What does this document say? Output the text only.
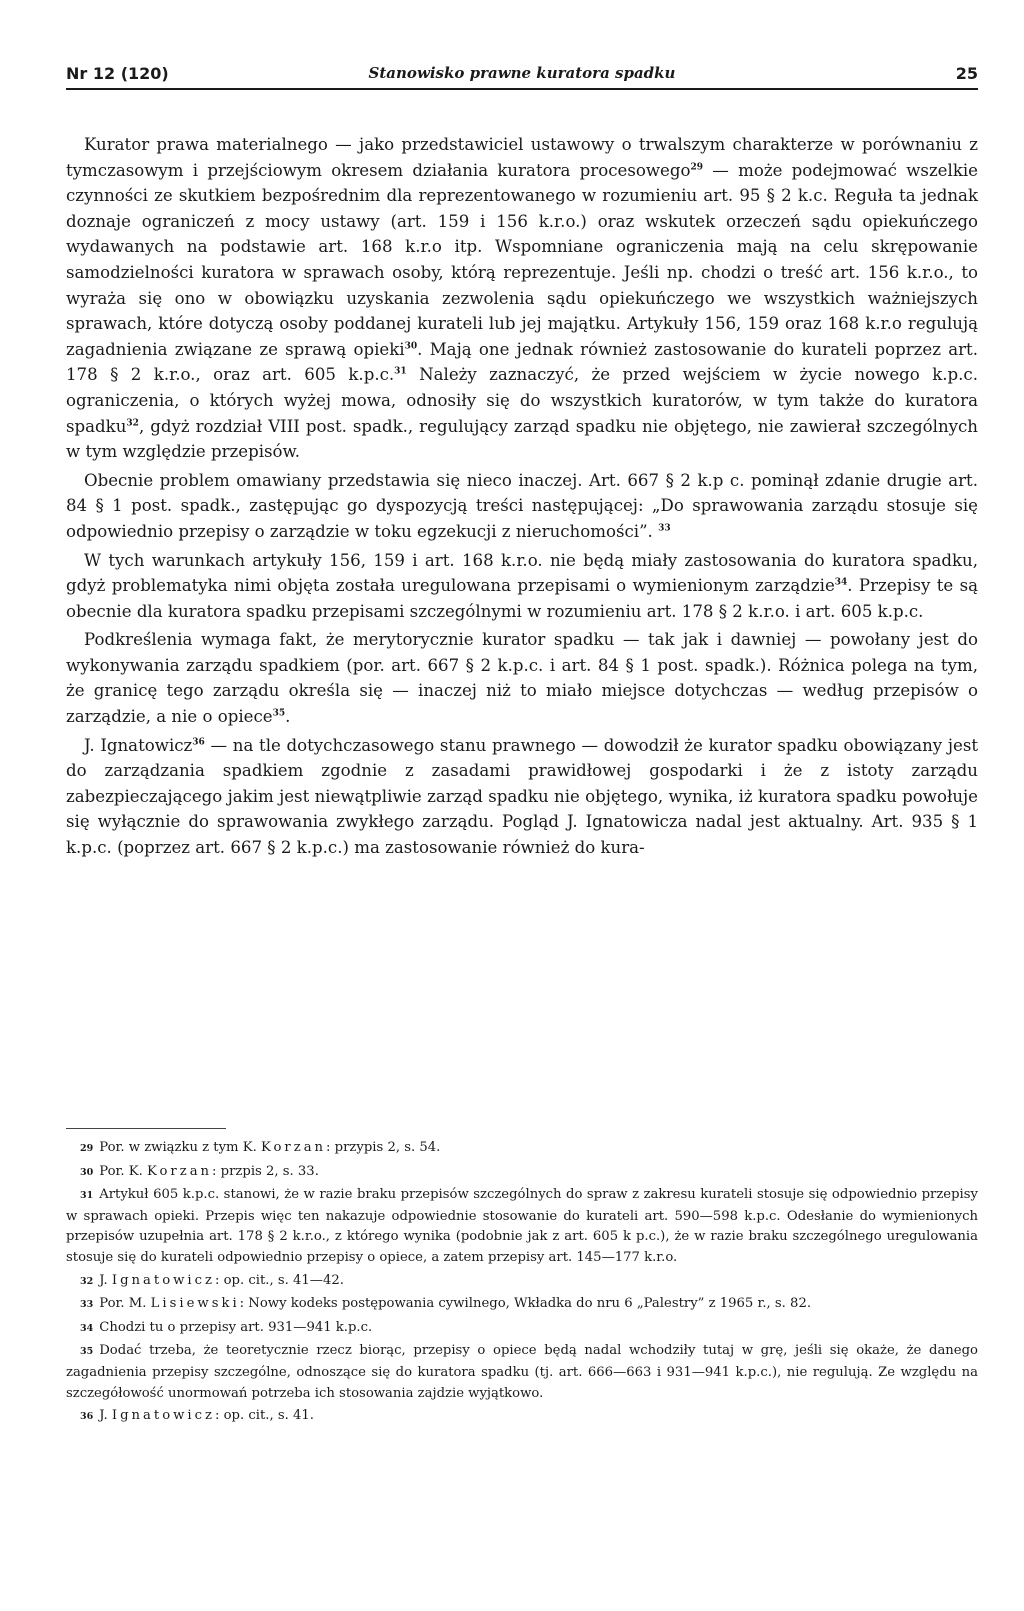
Nr 12 (120)	Stanowisko prawne kuratora spadku	25

Kurator prawa materialnego — jako przedstawiciel ustawowy o trwalszym charakterze w porównaniu z tymczasowym i przejściowym okresem działania kuratora procesowego$^{29}$ — może podejmować wszelkie czynności ze skutkiem bezpośrednim dla reprezentowanego w rozumieniu art. 95 § 2 k.c. Reguła ta jednak doznaje ograniczeń z mocy ustawy (art. 159 i 156 k.r.o.) oraz wskutek orzeczeń sądu opiekuńczego wydawanych na podstawie art. 168 k.r.o itp. Wspomniane ograniczenia mają na celu skrępowanie samodzielności kuratora w sprawach osoby, którą reprezentuje. Jeśli np. chodzi o treść art. 156 k.r.o., to wyraża się ono w obowiązku uzyskania zezwolenia sądu opiekuńczego we wszystkich ważniejszych sprawach, które dotyczą osoby poddanej kurateli lub jej majątku. Artykuły 156, 159 oraz 168 k.r.o regulują zagadnienia związane ze sprawą opieki$^{30}$. Mają one jednak również zastosowanie do kurateli poprzez art. 178 § 2 k.r.o., oraz art. 605 k.p.c.$^{31}$ Należy zaznaczyć, że przed wejściem w życie nowego k.p.c. ograniczenia, o których wyżej mowa, odnosiły się do wszystkich kuratorów, w tym także do kuratora spadku$^{32}$, gdyż rozdział VIII post. spadk., regulujący zarząd spadku nie objętego, nie zawierał szczególnych w tym względzie przepisów.

Obecnie problem omawiany przedstawia się nieco inaczej. Art. 667 § 2 k.p c. pominął zdanie drugie art. 84 § 1 post. spadk., zastępując go dyspozycją treści następującej: „Do sprawowania zarządu stosuje się odpowiednio przepisy o zarządzie w toku egzekucji z nieruchomości”. $^{33}$

W tych warunkach artykuły 156, 159 i art. 168 k.r.o. nie będą miały zastosowania do kuratora spadku, gdyż problematyka nimi objęta została uregulowana przepisami o wymienionym zarządzie$^{34}$. Przepisy te są obecnie dla kuratora spadku przepisami szczególnymi w rozumieniu art. 178 § 2 k.r.o. i art. 605 k.p.c.

Podkreślenia wymaga fakt, że merytorycznie kurator spadku — tak jak i dawniej — powołany jest do wykonywania zarządu spadkiem (por. art. 667 § 2 k.p.c. i art. 84 § 1 post. spadk.). Różnica polega na tym, że granicę tego zarządu określa się — inaczej niż to miało miejsce dotychczas — według przepisów o zarządzie, a nie o opiece$^{35}$.

J. Ignatowicz$^{36}$ — na tle dotychczasowego stanu prawnego — dowodził że kurator spadku obowiązany jest do zarządzania spadkiem zgodnie z zasadami prawidłowej gospodarki i że z istoty zarządu zabezpieczającego jakim jest niewątpliwie zarząd spadku nie objętego, wynika, iż kuratora spadku powołuje się wyłącznie do sprawowania zwykłego zarządu. Pogląd J. Ignatowicza nadal jest aktualny. Art. 935 § 1 k.p.c. (poprzez art. 667 § 2 k.p.c.) ma zastosowanie również do kura-

29 Por. w związku z tym K. Korzan: przypis 2, s. 54.
30 Por. K. Korzan: przpis 2, s. 33.
31 Artykuł 605 k.p.c. stanowi, że w razie braku przepisów szczególnych do spraw z zakresu kurateli stosuje się odpowiednio przepisy w sprawach opieki. Przepis więc ten nakazuje odpowiednie stosowanie do kurateli art. 590—598 k.p.c. Odesłanie do wymienionych przepisów uzupełnia art. 178 § 2 k.r.o., z którego wynika (podobnie jak z art. 605 k p.c.), że w razie braku szczególnego uregulowania stosuje się do kurateli odpowiednio przepisy o opiece, a zatem przepisy art. 145—177 k.r.o.
32 J. Ignatowicz: op. cit., s. 41—42.
33 Por. M. Lisiewski: Nowy kodeks postępowania cywilnego, Wkładka do nru 6 „Palestry” z 1965 r., s. 82.
34 Chodzi tu o przepisy art. 931—941 k.p.c.
35 Dodać trzeba, że teoretycznie rzecz biorąc, przepisy o opiece będą nadal wchodziły tutaj w grę, jeśli się okaże, że danego zagadnienia przepisy szczególne, odnoszące się do kuratora spadku (tj. art. 666—663 i 931—941 k.p.c.), nie regulują. Ze względu na szczegółowość unormowań potrzeba ich stosowania zajdzie wyjątkowo.
36 J. Ignatowicz: op. cit., s. 41.
